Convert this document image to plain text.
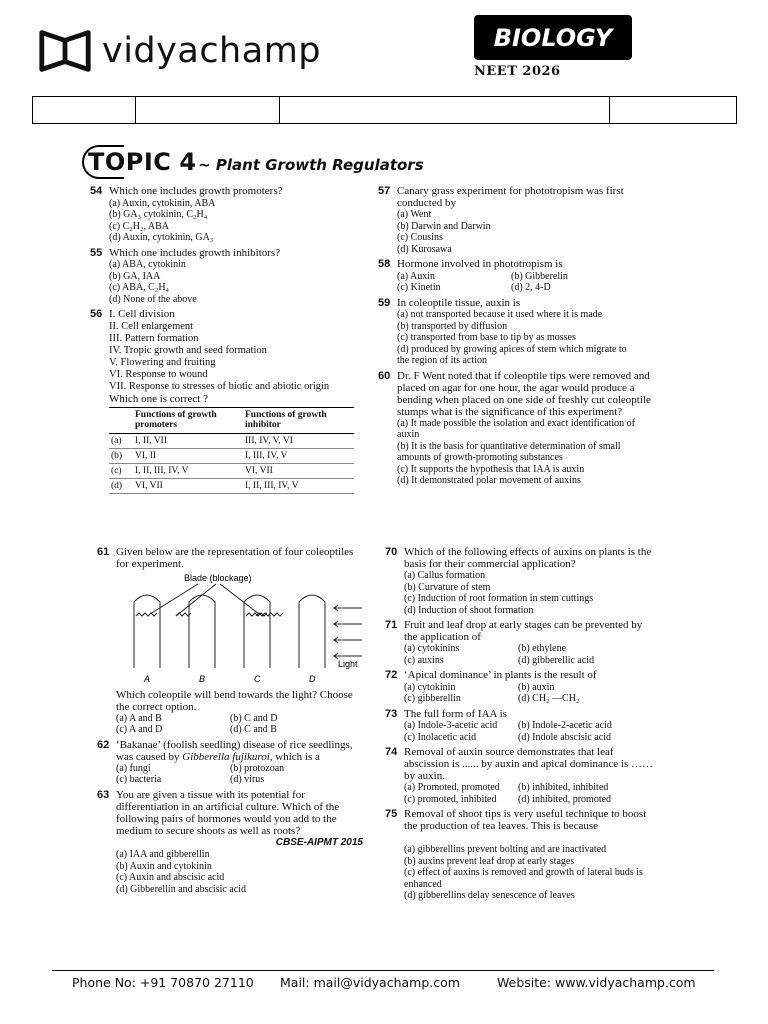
vidyachamp	BIOLOGY
NEET 2026
TOPIC 4 ~ Plant Growth Regulators
54 Which one includes growth promoters?
(a) Auxin, cytokinin, ABA
(b) GA₃ cytokinin, C₂H₄
(c) C₂H₂, ABA
(d) Auxin, cytokinin, GA₃
55 Which one includes growth inhibitors?
(a) ABA, cytokinin
(b) GA, IAA
(c) ABA, C₂H₄
(d) None of the above
56 I. Cell division
II. Cell enlargement
III. Pattern formation
IV. Tropic growth and seed formation
V. Flowering and fruiting
VI. Response to wound
VII. Response to stresses of biotic and abiotic origin
Which one is correct ?
	Functions of growth promoters	Functions of growth inhibitor
(a)	I, II, VII	III, IV, V, VI
(b)	VI, II	I, III, IV, V
(c)	I, II, III, IV, V	VI, VII
(d)	VI, VII	I, II, III, IV, V
57 Canary grass experiment for phototropism was first conducted by
(a) Went
(b) Darwin and Darwin
(c) Cousins
(d) Kurosawa
58 Hormone involved in phototropism is
(a) Auxin	(b) Gibberelin
(c) Kinetin	(d) 2, 4-D
59 In coleoptile tissue, auxin is
(a) not transported because it used where it is made
(b) transported by diffusion
(c) transported from base to tip by as mosses
(d) produced by growing apices of stem which migrate to the region of its action
60 Dr. F Went noted that if coleoptile tips were removed and placed on agar for one hour, the agar would produce a bending when placed on one side of freshly cut coleoptile stumps what is the significance of this experiment?
(a) It made possible the isolation and exact identification of auxin
(b) It is the basis for quantitative determination of small amounts of growth-promoting substances
(c) It supports the hypothesis that IAA is auxin
(d) It demonstrated polar movement of auxins
61 Given below are the representation of four coleoptiles for experiment.
Blade (blockage)
Light
A	B	C	D
Which coleoptile will bend towards the light? Choose the correct option.
(a) A and B	(b) C and D
(c) A and D	(d) C and B
62 ‘Bakanae’ (foolish seedling) disease of rice seedlings, was caused by Gibberella fujikuroi, which is a
(a) fungi	(b) protozoan
(c) bacteria	(d) virus
63 You are given a tissue with its potential for differentiation in an artificial culture. Which of the following pairs of hormones would you add to the medium to secure shoots as well as roots?
CBSE-AIPMT 2015
(a) IAA and gibberellin
(b) Auxin and cytokinin
(c) Auxin and abscisic acid
(d) Gibberellin and abscisic acid
70 Which of the following effects of auxins on plants is the basis for their commercial application?
(a) Callus formation
(b) Curvature of stem
(c) Induction of root formation in stem cuttings
(d) Induction of shoot formation
71 Fruit and leaf drop at early stages can be prevented by the application of
(a) cytokinins	(b) ethylene
(c) auxins	(d) gibberellic acid
72 ‘Apical dominance’ in plants is the result of
(a) cytokinin	(b) auxin
(c) gibberellin	(d) CH₂ —CH₂
73 The full form of IAA is
(a) Indole-3-acetic acid	(b) Indole-2-acetic acid
(c) Inolacetic acid	(d) Indole abscisic acid
74 Removal of auxin source demonstrates that leaf abscission is ...... by auxin and apical dominance is …… by auxin.
(a) Promoted, promoted	(b) inhibited, inhibited
(c) promoted, inhibited	(d) inhibited, promoted
75 Removal of shoot tips is very useful technique to boost the production of tea leaves. This is because
(a) gibberellins prevent bolting and are inactivated
(b) auxins prevent leaf drop at early stages
(c) effect of auxins is removed and growth of lateral buds is enhanced
(d) gibberellins delay senescence of leaves
Phone No: +91 70870 27110	Mail: mail@vidyachamp.com	Website: www.vidyachamp.com
